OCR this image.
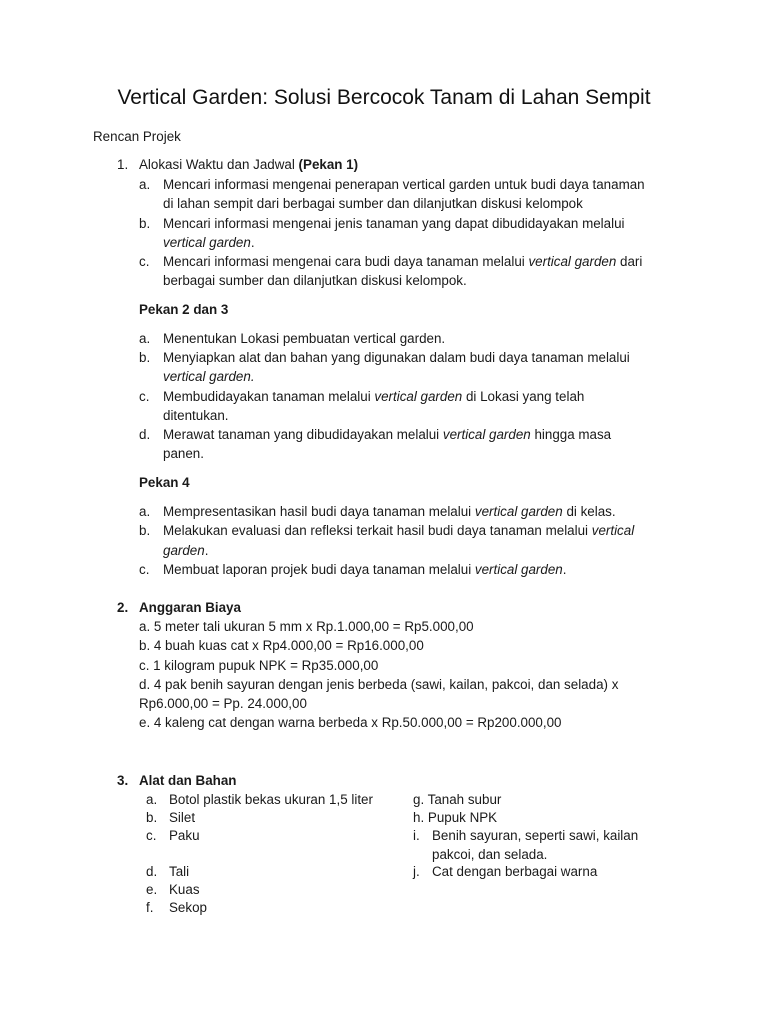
Vertical Garden: Solusi Bercocok Tanam di Lahan Sempit
Rencan Projek
1. Alokasi Waktu dan Jadwal (Pekan 1)
a. Mencari informasi mengenai penerapan vertical garden untuk budi daya tanaman
di lahan sempit dari berbagai sumber dan dilanjutkan diskusi kelompok
b. Mencari informasi mengenai jenis tanaman yang dapat dibudidayakan melalui
vertical garden.
c. Mencari informasi mengenai cara budi daya tanaman melalui vertical garden dari
berbagai sumber dan dilanjutkan diskusi kelompok.
Pekan 2 dan 3
a. Menentukan Lokasi pembuatan vertical garden.
b. Menyiapkan alat dan bahan yang digunakan dalam budi daya tanaman melalui
vertical garden.
c. Membudidayakan tanaman melalui vertical garden di Lokasi yang telah
ditentukan.
d. Merawat tanaman yang dibudidayakan melalui vertical garden hingga masa
panen.
Pekan 4
a. Mempresentasikan hasil budi daya tanaman melalui vertical garden di kelas.
b. Melakukan evaluasi dan refleksi terkait hasil budi daya tanaman melalui vertical
garden.
c. Membuat laporan projek budi daya tanaman melalui vertical garden.
2. Anggaran Biaya
a. 5 meter tali ukuran 5 mm x Rp.1.000,00 = Rp5.000,00
b. 4 buah kuas cat x Rp4.000,00 = Rp16.000,00
c. 1 kilogram pupuk NPK = Rp35.000,00
d. 4 pak benih sayuran dengan jenis berbeda (sawi, kailan, pakcoi, dan selada) x
Rp6.000,00 = Pp. 24.000,00
e. 4 kaleng cat dengan warna berbeda x Rp.50.000,00 = Rp200.000,00
3. Alat dan Bahan
a. Botol plastik bekas ukuran 1,5 liter
b. Silet
c. Paku
d. Tali
e. Kuas
f. Sekop
g. Tanah subur
h. Pupuk NPK
i. Benih sayuran, seperti sawi, kailan
pakcoi, dan selada.
j. Cat dengan berbagai warna
